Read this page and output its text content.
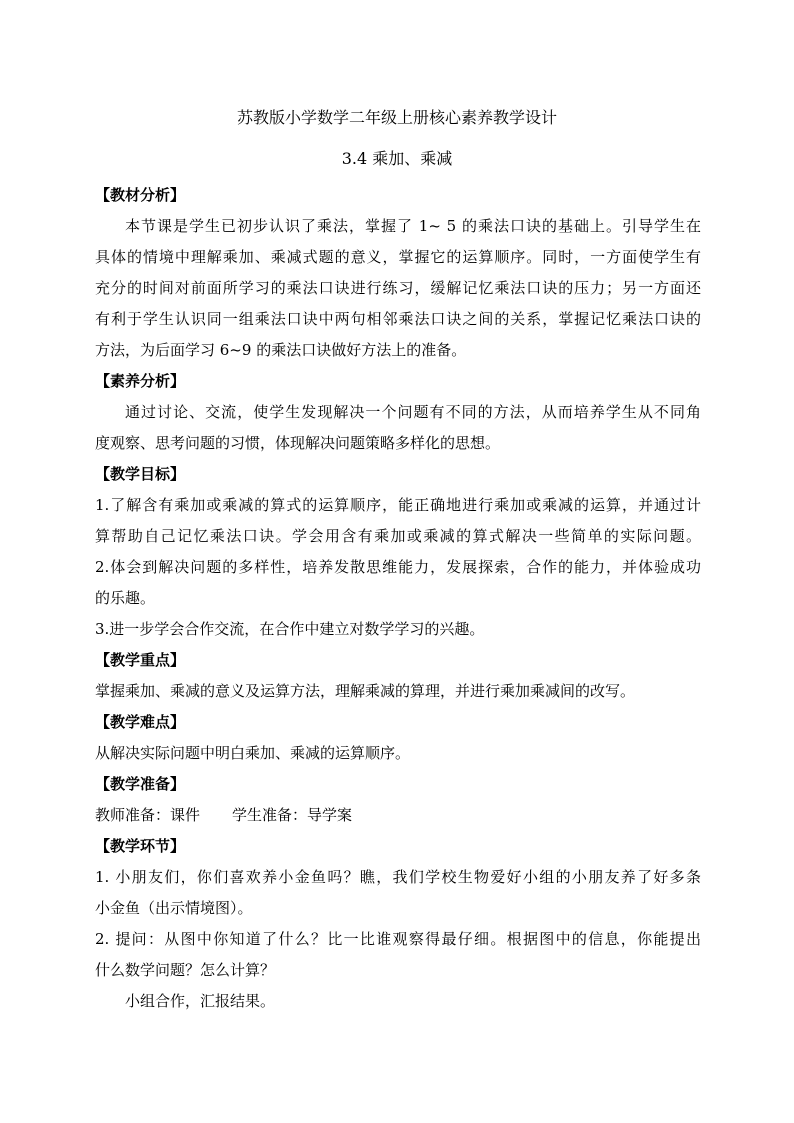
苏教版小学数学二年级上册核心素养教学设计
3.4 乘加、乘减
【教材分析】
本节课是学生已初步认识了乘法，掌握了 1~ 5 的乘法口诀的基础上。引导学生在
具体的情境中理解乘加、乘减式题的意义，掌握它的运算顺序。同时，一方面使学生有
充分的时间对前面所学习的乘法口诀进行练习，缓解记忆乘法口诀的压力；另一方面还
有利于学生认识同一组乘法口诀中两句相邻乘法口诀之间的关系，掌握记忆乘法口诀的
方法，为后面学习 6~9 的乘法口诀做好方法上的准备。
【素养分析】
通过讨论、交流，使学生发现解决一个问题有不同的方法，从而培养学生从不同角
度观察、思考问题的习惯，体现解决问题策略多样化的思想。
【教学目标】
1.了解含有乘加或乘减的算式的运算顺序，能正确地进行乘加或乘减的运算，并通过计
算帮助自己记忆乘法口诀。学会用含有乘加或乘减的算式解决一些简单的实际问题。
2.体会到解决问题的多样性，培养发散思维能力，发展探索，合作的能力，并体验成功
的乐趣。
3.进一步学会合作交流，在合作中建立对数学学习的兴趣。
【教学重点】
掌握乘加、乘减的意义及运算方法，理解乘减的算理，并进行乘加乘减间的改写。
【教学难点】
从解决实际问题中明白乘加、乘减的运算顺序。
【教学准备】
教师准备：课件 学生准备：导学案
【教学环节】
1. 小朋友们，你们喜欢养小金鱼吗？瞧，我们学校生物爱好小组的小朋友养了好多条
小金鱼（出示情境图）。
2. 提问：从图中你知道了什么？比一比谁观察得最仔细。根据图中的信息，你能提出
什么数学问题？怎么计算？
小组合作，汇报结果。
